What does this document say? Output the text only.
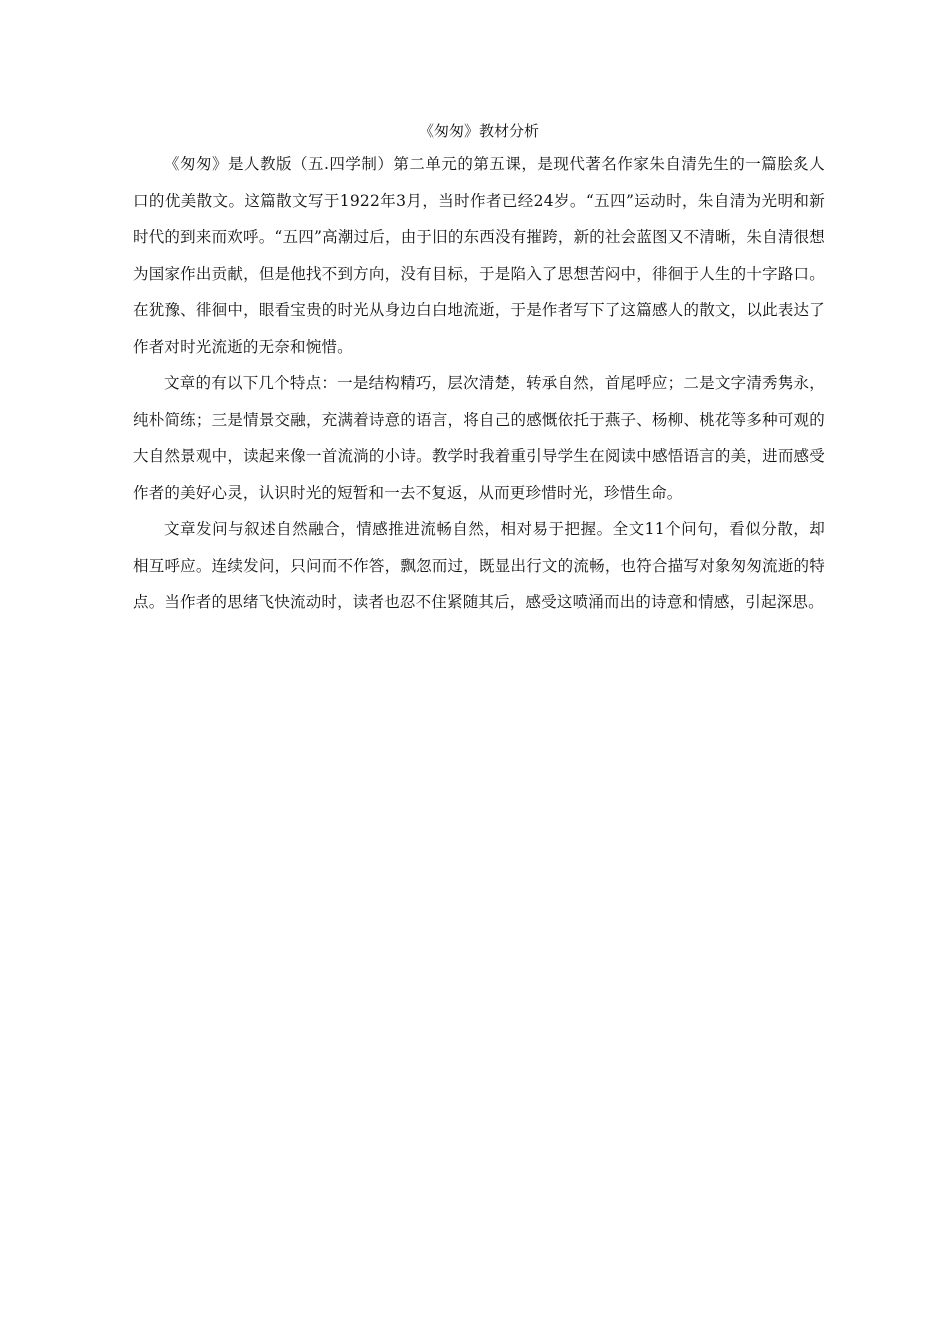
《匆匆》教材分析

《匆匆》是人教版（五.四学制）第二单元的第五课，是现代著名作家朱自清先生的一篇脍炙人口的优美散文。这篇散文写于1922年3月，当时作者已经24岁。“五四”运动时，朱自清为光明和新时代的到来而欢呼。“五四”高潮过后，由于旧的东西没有摧跨，新的社会蓝图又不清晰，朱自清很想为国家作出贡献，但是他找不到方向，没有目标，于是陷入了思想苦闷中，徘徊于人生的十字路口。在犹豫、徘徊中，眼看宝贵的时光从身边白白地流逝，于是作者写下了这篇感人的散文，以此表达了作者对时光流逝的无奈和惋惜。

文章的有以下几个特点：一是结构精巧，层次清楚，转承自然，首尾呼应；二是文字清秀隽永，纯朴简练；三是情景交融，充满着诗意的语言，将自己的感慨依托于燕子、杨柳、桃花等多种可观的大自然景观中，读起来像一首流淌的小诗。教学时我着重引导学生在阅读中感悟语言的美，进而感受作者的美好心灵，认识时光的短暂和一去不复返，从而更珍惜时光，珍惜生命。

文章发问与叙述自然融合，情感推进流畅自然，相对易于把握。全文11个问句，看似分散，却相互呼应。连续发问，只问而不作答，飘忽而过，既显出行文的流畅，也符合描写对象匆匆流逝的特点。当作者的思绪飞快流动时，读者也忍不住紧随其后，感受这喷涌而出的诗意和情感，引起深思。
